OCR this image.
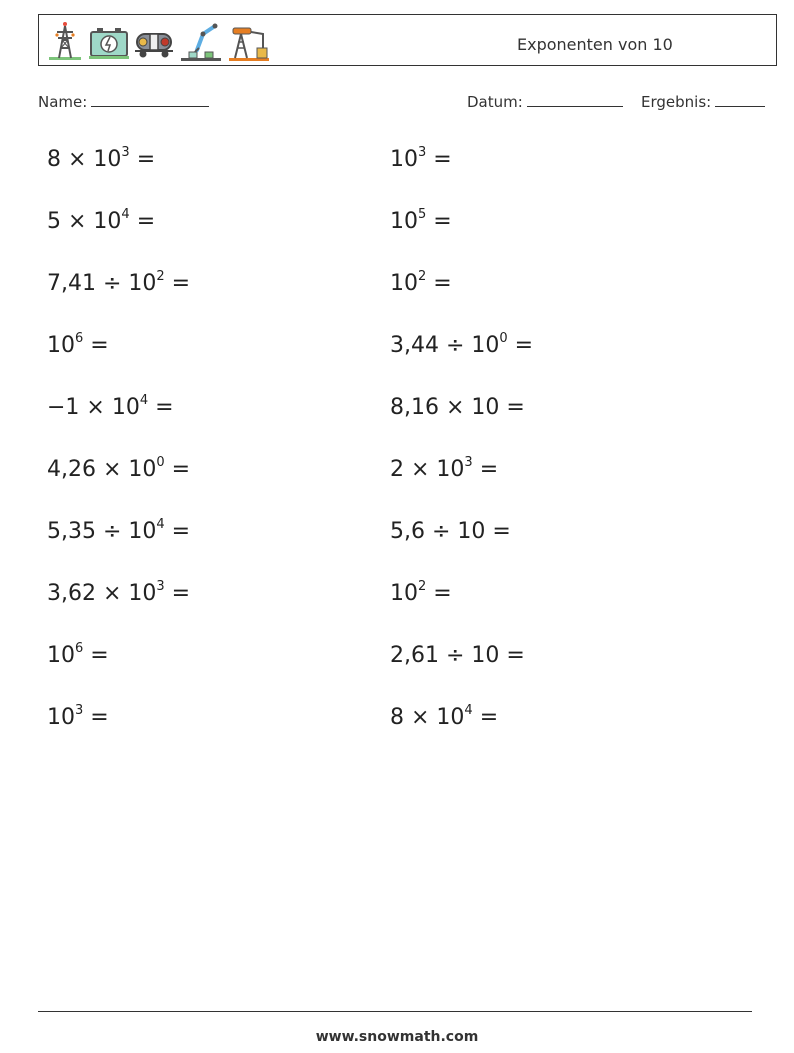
Exponenten von 10
Name:	Datum:	Ergebnis:
$8 \times 10^3$ =	$10^3$ =
$5 \times 10^4$ =	$10^5$ =
$7,41 \div 10^2$ =	$10^2$ =
$10^6$ =	$3,44 \div 10^0$ =
$-1 \times 10^4$ =	8,16 × 10 =
$4,26 \times 10^0$ =	$2 \times 10^3$ =
$5,35 \div 10^4$ =	5,6 ÷ 10 =
$3,62 \times 10^3$ =	$10^2$ =
$10^6$ =	2,61 ÷ 10 =
$10^3$ =	$8 \times 10^4$ =
www.snowmath.com
